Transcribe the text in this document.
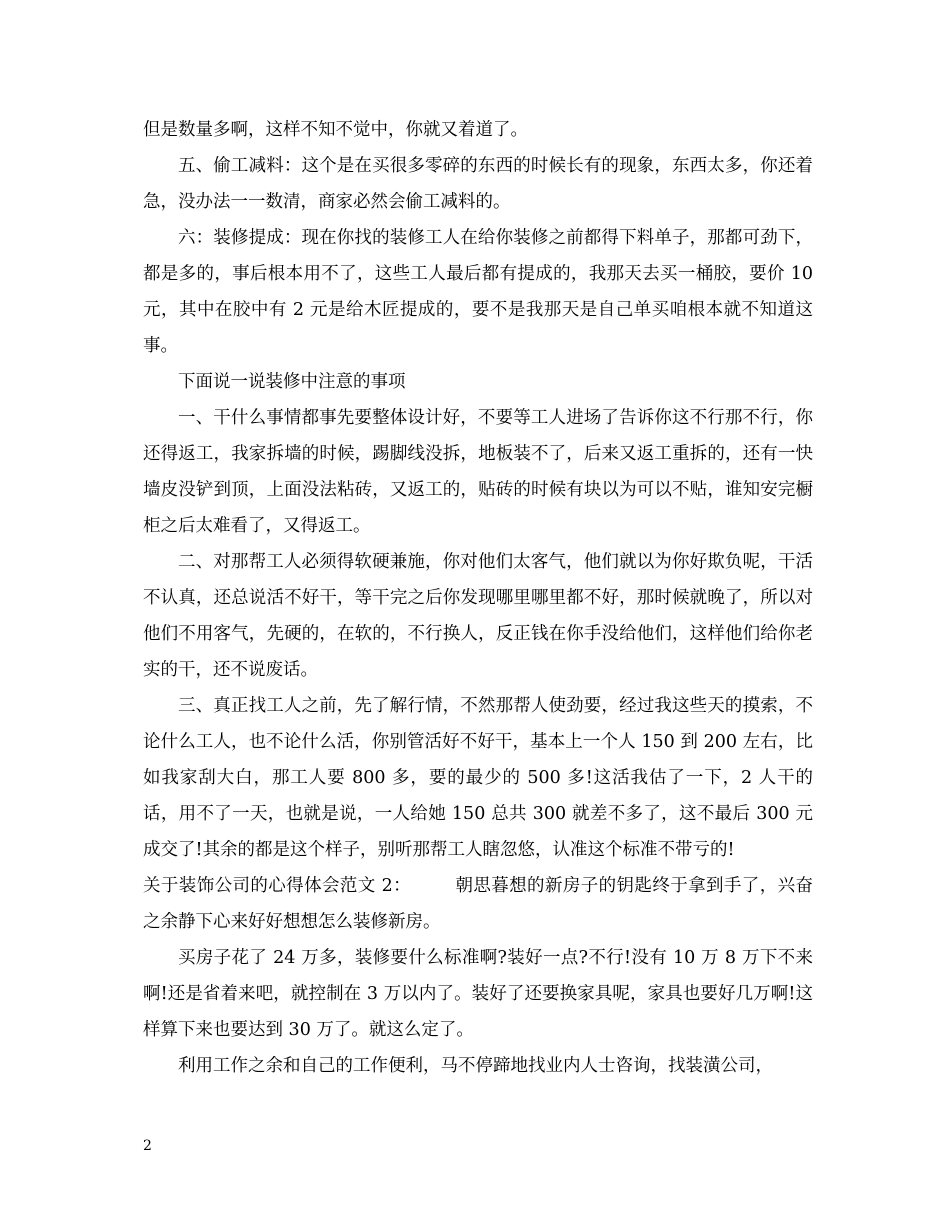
但是数量多啊，这样不知不觉中，你就又着道了。

五、偷工减料：这个是在买很多零碎的东西的时候长有的现象，东西太多，你还着急，没办法一一数清，商家必然会偷工减料的。

六：装修提成：现在你找的装修工人在给你装修之前都得下料单子，那都可劲下，都是多的，事后根本用不了，这些工人最后都有提成的，我那天去买一桶胶，要价 10 元，其中在胶中有 2 元是给木匠提成的，要不是我那天是自己单买咱根本就不知道这事。

下面说一说装修中注意的事项

一、干什么事情都事先要整体设计好，不要等工人进场了告诉你这不行那不行，你还得返工，我家拆墙的时候，踢脚线没拆，地板装不了，后来又返工重拆的，还有一快墙皮没铲到顶，上面没法粘砖，又返工的，贴砖的时候有块以为可以不贴，谁知安完橱柜之后太难看了，又得返工。

二、对那帮工人必须得软硬兼施，你对他们太客气，他们就以为你好欺负呢，干活不认真，还总说活不好干，等干完之后你发现哪里哪里都不好，那时候就晚了，所以对他们不用客气，先硬的，在软的，不行换人，反正钱在你手没给他们，这样他们给你老实的干，还不说废话。

三、真正找工人之前，先了解行情，不然那帮人使劲要，经过我这些天的摸索，不论什么工人，也不论什么活，你别管活好不好干，基本上一个人 150 到 200 左右，比如我家刮大白，那工人要 800 多，要的最少的 500 多!这活我估了一下，2 人干的话，用不了一天，也就是说，一人给她 150 总共 300 就差不多了，这不最后 300 元成交了!其余的都是这个样子，别听那帮工人瞎忽悠，认准这个标准不带亏的!

关于装饰公司的心得体会范文 2：	朝思暮想的新房子的钥匙终于拿到手了，兴奋之余静下心来好好想想怎么装修新房。

买房子花了 24 万多，装修要什么标准啊?装好一点?不行!没有 10 万 8 万下不来啊!还是省着来吧，就控制在 3 万以内了。装好了还要换家具呢，家具也要好几万啊!这样算下来也要达到 30 万了。就这么定了。

利用工作之余和自己的工作便利，马不停蹄地找业内人士咨询，找装潢公司，

2
